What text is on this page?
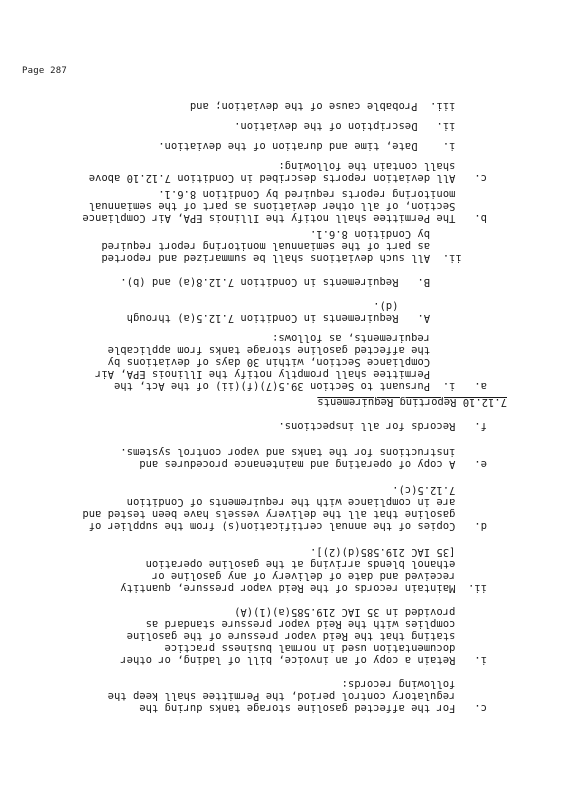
Page 287
c.   For the affected gasoline storage tanks during the
regulatory control period, the Permittee shall keep the
following records:
i.   Retain a copy of an invoice, bill of lading, or other
documentation used in normal business practice
stating that the Reid vapor pressure of the gasoline
complies with the Reid vapor pressure standard as
provided in 35 IAC 219.585(a)(1)(A)
ii.  Maintain records of the Reid vapor pressure, quantity
received and date of delivery of any gasoline or
ethanol blends arriving at the gasoline operation
[35 IAC 219.585(d)(2)].
d.   Copies of the annual certification(s) from the supplier of
gasoline that all the delivery vessels have been tested and
are in compliance with the requirements of Condition
7.12.5(c).
e.   A copy of operating and maintenance procedures and
instructions for the tanks and vapor control systems.
f.   Records for all inspections.
7.12.10 Reporting Requirements
a.   i.  Pursuant to Section 39.5(7)(f)(ii) of the Act, the
Permittee shall promptly notify the Illinois EPA, Air
Compliance Section, within 30 days of deviations by
the affected gasoline storage tanks from applicable
requirements, as follows:
A.   Requirements in Condition 7.12.5(a) through
(d).
B.   Requirements in Condition 7.12.8(a) and (b).
ii.  All such deviations shall be summarized and reported
as part of the semiannual monitoring report required
by Condition 8.6.1.
b.   The Permittee shall notify the Illinois EPA, Air Compliance
Section, of all other deviations as part of the semiannual
monitoring reports required by Condition 8.6.1.
c.   All deviation reports described in Condition 7.12.10 above
shall contain the following:
i.    Date, time and duration of the deviation.
ii.   Description of the deviation.
iii.  Probable cause of the deviation; and
